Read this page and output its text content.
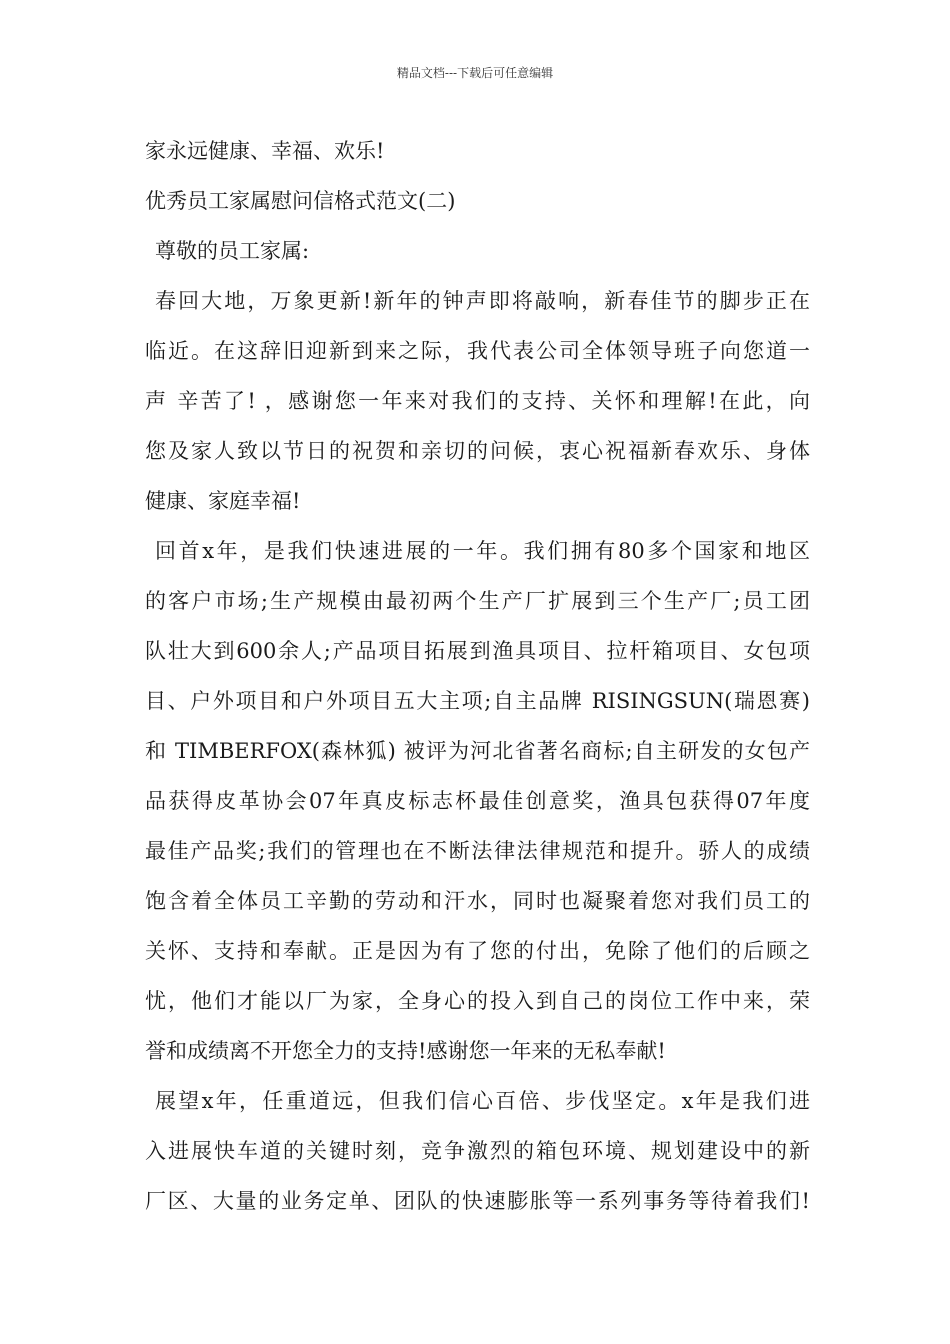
精品文档---下载后可任意编辑
家永远健康、幸福、欢乐!
优秀员工家属慰问信格式范文(二)
尊敬的员工家属:
春回大地，万象更新!新年的钟声即将敲响，新春佳节的脚步正在
临近。在这辞旧迎新到来之际，我代表公司全体领导班子向您道一
声 辛苦了! ，感谢您一年来对我们的支持、关怀和理解!在此，向
您及家人致以节日的祝贺和亲切的问候，衷心祝福新春欢乐、身体
健康、家庭幸福!
回首x年，是我们快速进展的一年。我们拥有80多个国家和地区
的客户市场;生产规模由最初两个生产厂扩展到三个生产厂;员工团
队壮大到600余人;产品项目拓展到渔具项目、拉杆箱项目、女包项
目、户外项目和户外项目五大主项;自主品牌 RISINGSUN(瑞恩赛)
和 TIMBERFOX(森林狐) 被评为河北省著名商标;自主研发的女包产
品获得皮革协会07年真皮标志杯最佳创意奖，渔具包获得07年度
最佳产品奖;我们的管理也在不断法律法律规范和提升。骄人的成绩
饱含着全体员工辛勤的劳动和汗水，同时也凝聚着您对我们员工的
关怀、支持和奉献。正是因为有了您的付出，免除了他们的后顾之
忧，他们才能以厂为家，全身心的投入到自己的岗位工作中来，荣
誉和成绩离不开您全力的支持!感谢您一年来的无私奉献!
展望x年，任重道远，但我们信心百倍、步伐坚定。x年是我们进
入进展快车道的关键时刻，竞争激烈的箱包环境、规划建设中的新
厂区、大量的业务定单、团队的快速膨胀等一系列事务等待着我们!
